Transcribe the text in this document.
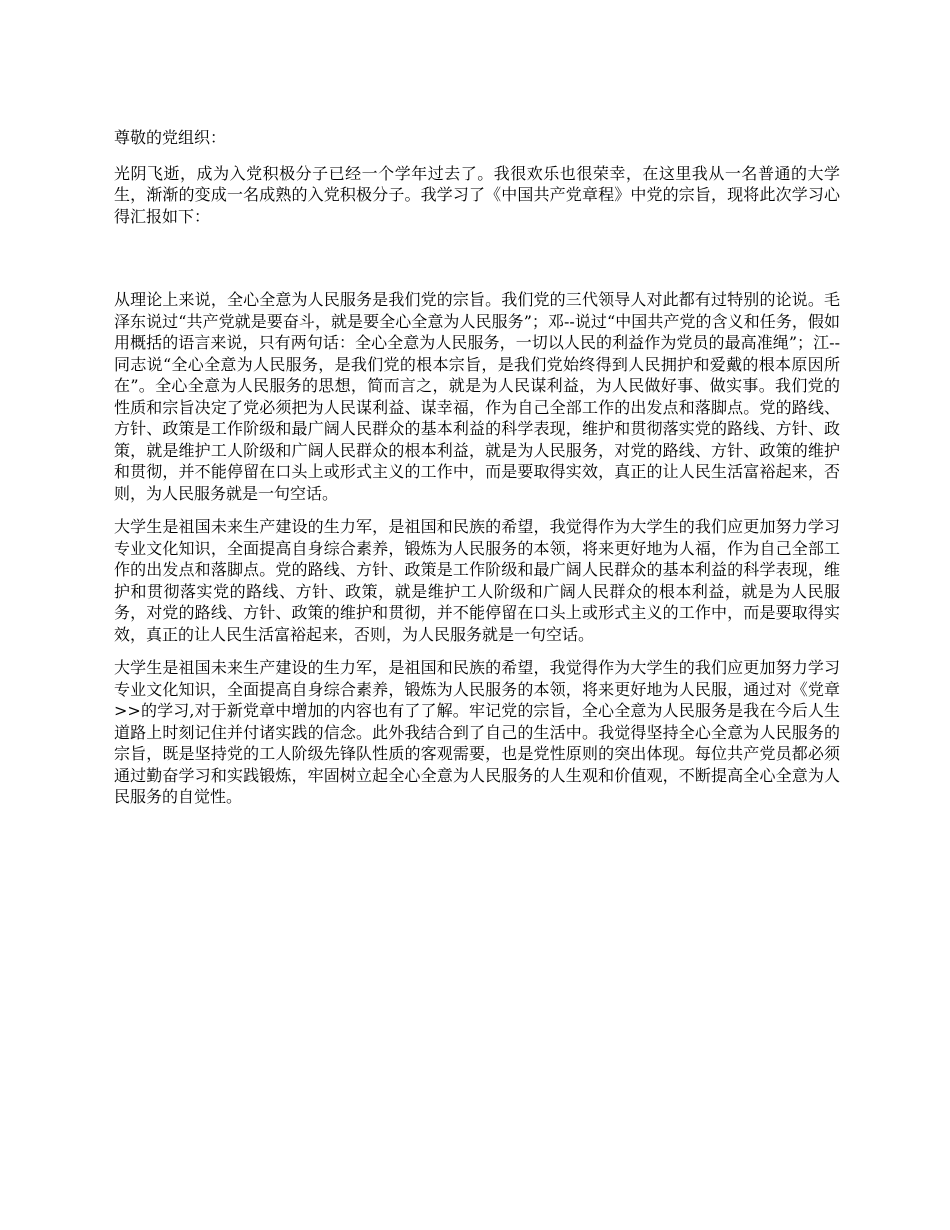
尊敬的党组织：

光阴飞逝，成为入党积极分子已经一个学年过去了。我很欢乐也很荣幸，在这里我从一名普通的大学生，渐渐的变成一名成熟的入党积极分子。我学习了《中国共产党章程》中党的宗旨，现将此次学习心得汇报如下：

从理论上来说，全心全意为人民服务是我们党的宗旨。我们党的三代领导人对此都有过特别的论说。毛泽东说过“共产党就是要奋斗，就是要全心全意为人民服务”；邓--说过“中国共产党的含义和任务，假如用概括的语言来说，只有两句话：全心全意为人民服务，一切以人民的利益作为党员的最高准绳”；江--同志说“全心全意为人民服务，是我们党的根本宗旨，是我们党始终得到人民拥护和爱戴的根本原因所在”。全心全意为人民服务的思想，简而言之，就是为人民谋利益，为人民做好事、做实事。我们党的性质和宗旨决定了党必须把为人民谋利益、谋幸福，作为自己全部工作的出发点和落脚点。党的路线、方针、政策是工作阶级和最广阔人民群众的基本利益的科学表现，维护和贯彻落实党的路线、方针、政策，就是维护工人阶级和广阔人民群众的根本利益，就是为人民服务，对党的路线、方针、政策的维护和贯彻，并不能停留在口头上或形式主义的工作中，而是要取得实效，真正的让人民生活富裕起来，否则，为人民服务就是一句空话。

大学生是祖国未来生产建设的生力军，是祖国和民族的希望，我觉得作为大学生的我们应更加努力学习专业文化知识，全面提高自身综合素养，锻炼为人民服务的本领，将来更好地为人福，作为自己全部工作的出发点和落脚点。党的路线、方针、政策是工作阶级和最广阔人民群众的基本利益的科学表现，维护和贯彻落实党的路线、方针、政策，就是维护工人阶级和广阔人民群众的根本利益，就是为人民服务，对党的路线、方针、政策的维护和贯彻，并不能停留在口头上或形式主义的工作中，而是要取得实效，真正的让人民生活富裕起来，否则，为人民服务就是一句空话。

大学生是祖国未来生产建设的生力军，是祖国和民族的希望，我觉得作为大学生的我们应更加努力学习专业文化知识，全面提高自身综合素养，锻炼为人民服务的本领，将来更好地为人民服，通过对《党章>>的学习,对于新党章中增加的内容也有了了解。牢记党的宗旨，全心全意为人民服务是我在今后人生道路上时刻记住并付诸实践的信念。此外我结合到了自己的生活中。我觉得坚持全心全意为人民服务的宗旨，既是坚持党的工人阶级先锋队性质的客观需要，也是党性原则的突出体现。每位共产党员都必须通过勤奋学习和实践锻炼，牢固树立起全心全意为人民服务的人生观和价值观，不断提高全心全意为人民服务的自觉性。
